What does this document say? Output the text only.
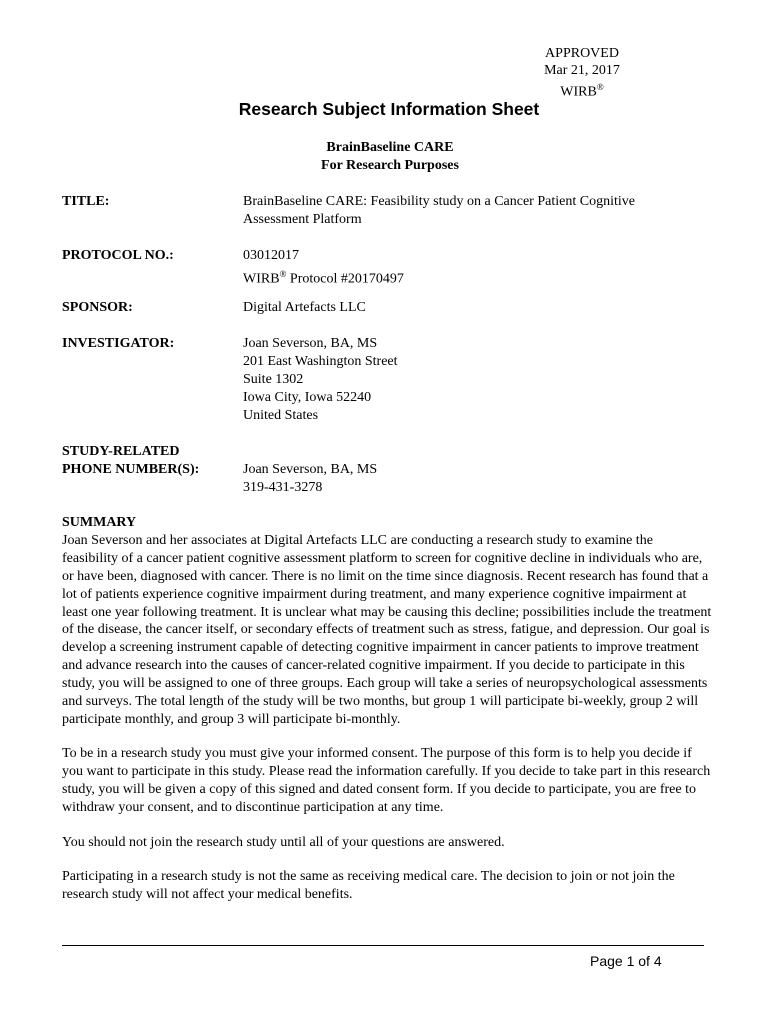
APPROVED
Mar 21, 2017
WIRB®
Research Subject Information Sheet
BrainBaseline CARE
For Research Purposes
TITLE:	BrainBaseline CARE: Feasibility study on a Cancer Patient Cognitive
Assessment Platform
PROTOCOL NO.:	03012017
WIRB® Protocol #20170497
SPONSOR:	Digital Artefacts LLC
INVESTIGATOR:	Joan Severson, BA, MS
201 East Washington Street
Suite 1302
Iowa City, Iowa 52240
United States
STUDY-RELATED
PHONE NUMBER(S):	Joan Severson, BA, MS
319-431-3278
SUMMARY

Joan Severson and her associates at Digital Artefacts LLC are conducting a research study to examine the feasibility of a cancer patient cognitive assessment platform to screen for cognitive decline in individuals who are, or have been, diagnosed with cancer. There is no limit on the time since diagnosis. Recent research has found that a lot of patients experience cognitive impairment during treatment, and many experience cognitive impairment at least one year following treatment. It is unclear what may be causing this decline; possibilities include the treatment of the disease, the cancer itself, or secondary effects of treatment such as stress, fatigue, and depression. Our goal is develop a screening instrument capable of detecting cognitive impairment in cancer patients to improve treatment and advance research into the causes of cancer-related cognitive impairment. If you decide to participate in this study, you will be assigned to one of three groups. Each group will take a series of neuropsychological assessments and surveys. The total length of the study will be two months, but group 1 will participate bi-weekly, group 2 will participate monthly, and group 3 will participate bi-monthly.

To be in a research study you must give your informed consent. The purpose of this form is to help you decide if you want to participate in this study. Please read the information carefully. If you decide to take part in this research study, you will be given a copy of this signed and dated consent form. If you decide to participate, you are free to withdraw your consent, and to discontinue participation at any time.

You should not join the research study until all of your questions are answered.

Participating in a research study is not the same as receiving medical care. The decision to join or not join the research study will not affect your medical benefits.

Page 1 of 4
